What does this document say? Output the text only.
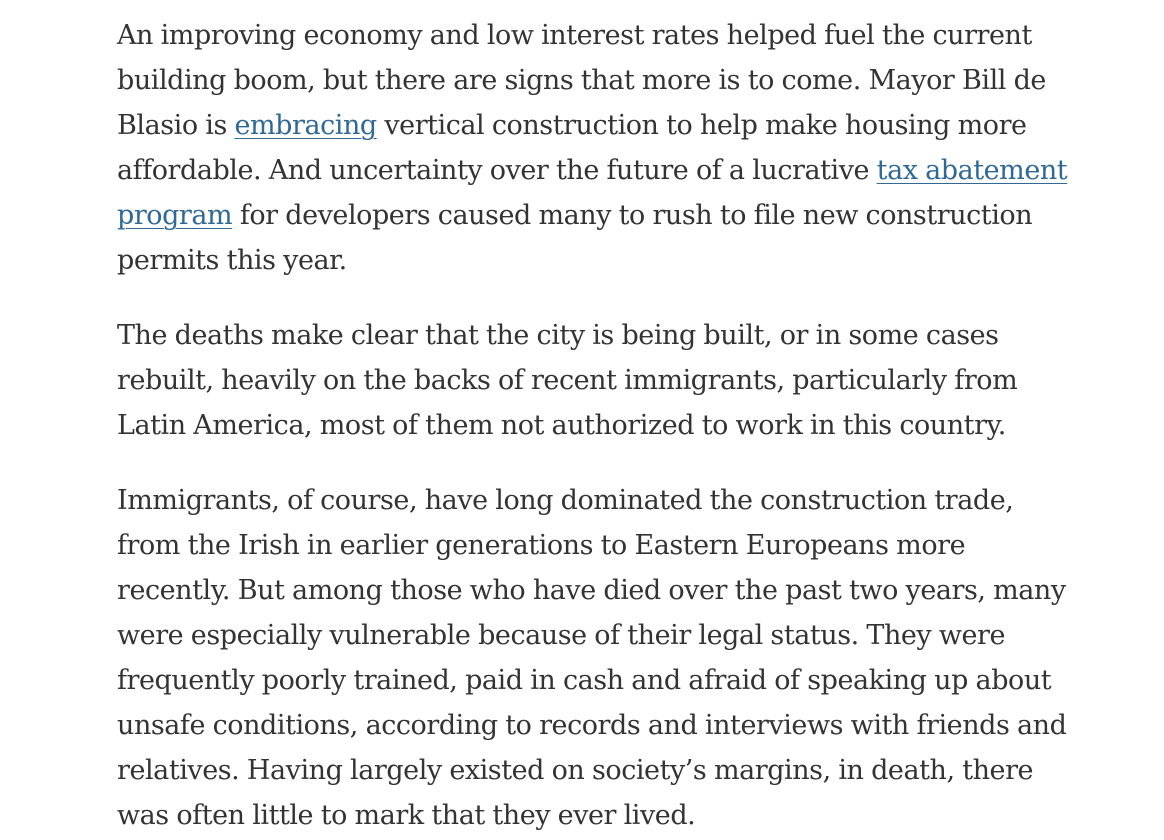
An improving economy and low interest rates helped fuel the current
building boom, but there are signs that more is to come. Mayor Bill de
Blasio is embracing vertical construction to help make housing more
affordable. And uncertainty over the future of a lucrative tax abatement
program for developers caused many to rush to file new construction
permits this year.

The deaths make clear that the city is being built, or in some cases
rebuilt, heavily on the backs of recent immigrants, particularly from
Latin America, most of them not authorized to work in this country.

Immigrants, of course, have long dominated the construction trade,
from the Irish in earlier generations to Eastern Europeans more
recently. But among those who have died over the past two years, many
were especially vulnerable because of their legal status. They were
frequently poorly trained, paid in cash and afraid of speaking up about
unsafe conditions, according to records and interviews with friends and
relatives. Having largely existed on society’s margins, in death, there
was often little to mark that they ever lived.
